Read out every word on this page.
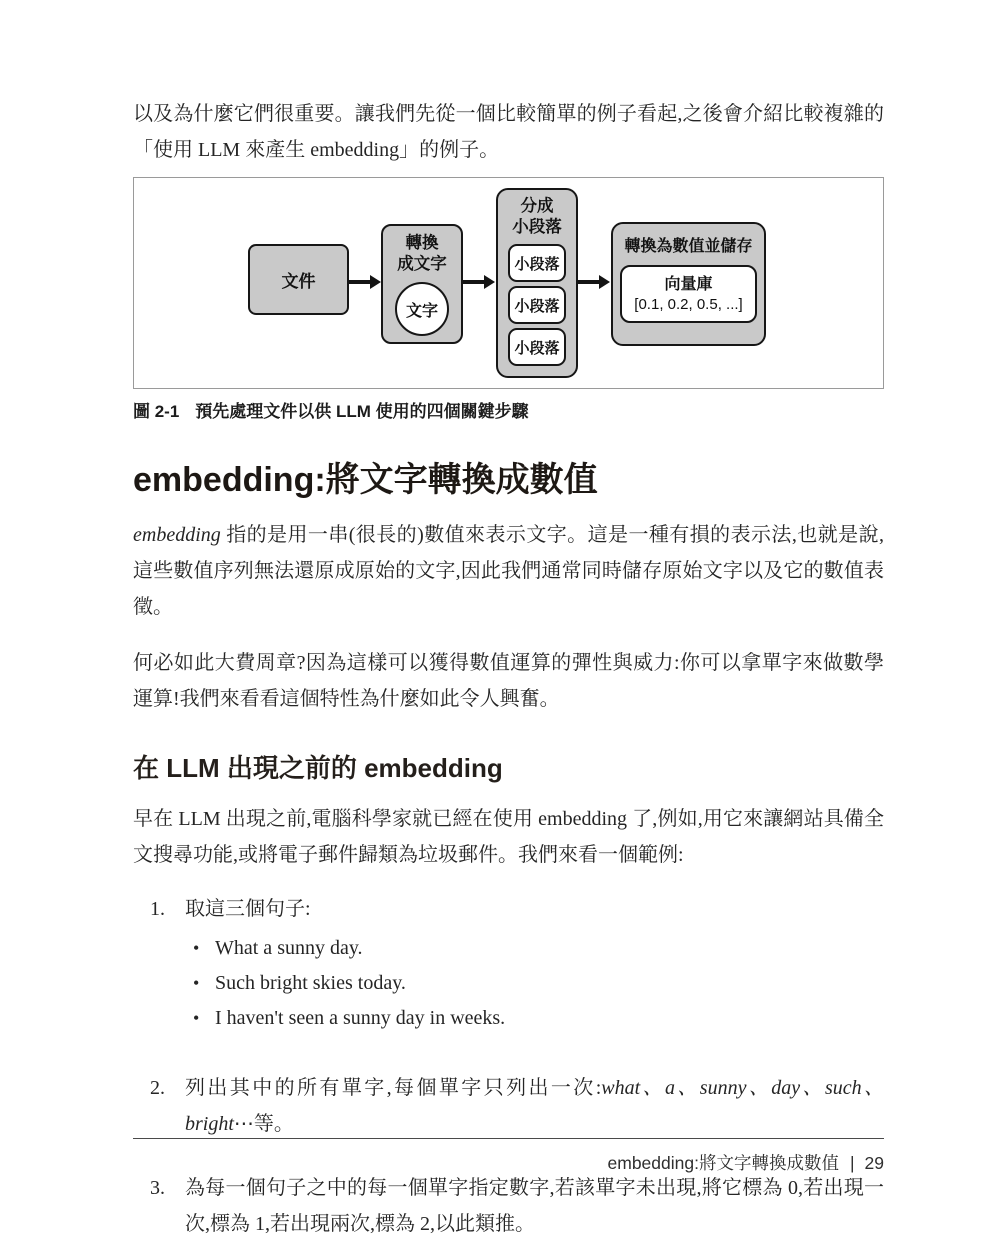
以及為什麼它們很重要。讓我們先從一個比較簡單的例子看起,之後會介紹比較複雜的「使用 LLM 來產生 embedding」的例子。

文件
轉換
成文字
文字
分成
小段落
小段落
小段落
小段落
轉換為數值並儲存
向量庫
[0.1, 0.2, 0.5, ...]

圖 2-1 預先處理文件以供 LLM 使用的四個關鍵步驟

embedding:將文字轉換成數值

embedding 指的是用一串(很長的)數值來表示文字。這是一種有損的表示法,也就是說,這些數值序列無法還原成原始的文字,因此我們通常同時儲存原始文字以及它的數值表徵。

何必如此大費周章?因為這樣可以獲得數值運算的彈性與威力:你可以拿單字來做數學運算!我們來看看這個特性為什麼如此令人興奮。

在 LLM 出現之前的 embedding

早在 LLM 出現之前,電腦科學家就已經在使用 embedding 了,例如,用它來讓網站具備全文搜尋功能,或將電子郵件歸類為垃圾郵件。我們來看一個範例:

1.	取這三個句子:
• What a sunny day.
• Such bright skies today.
• I haven't seen a sunny day in weeks.
2.	列出其中的所有單字,每個單字只列出一次:what、a、sunny、day、such、bright⋯等。
3.	為每一個句子之中的每一個單字指定數字,若該單字未出現,將它標為 0,若出現一次,標為 1,若出現兩次,標為 2,以此類推。
embedding:將文字轉換成數值 | 29
